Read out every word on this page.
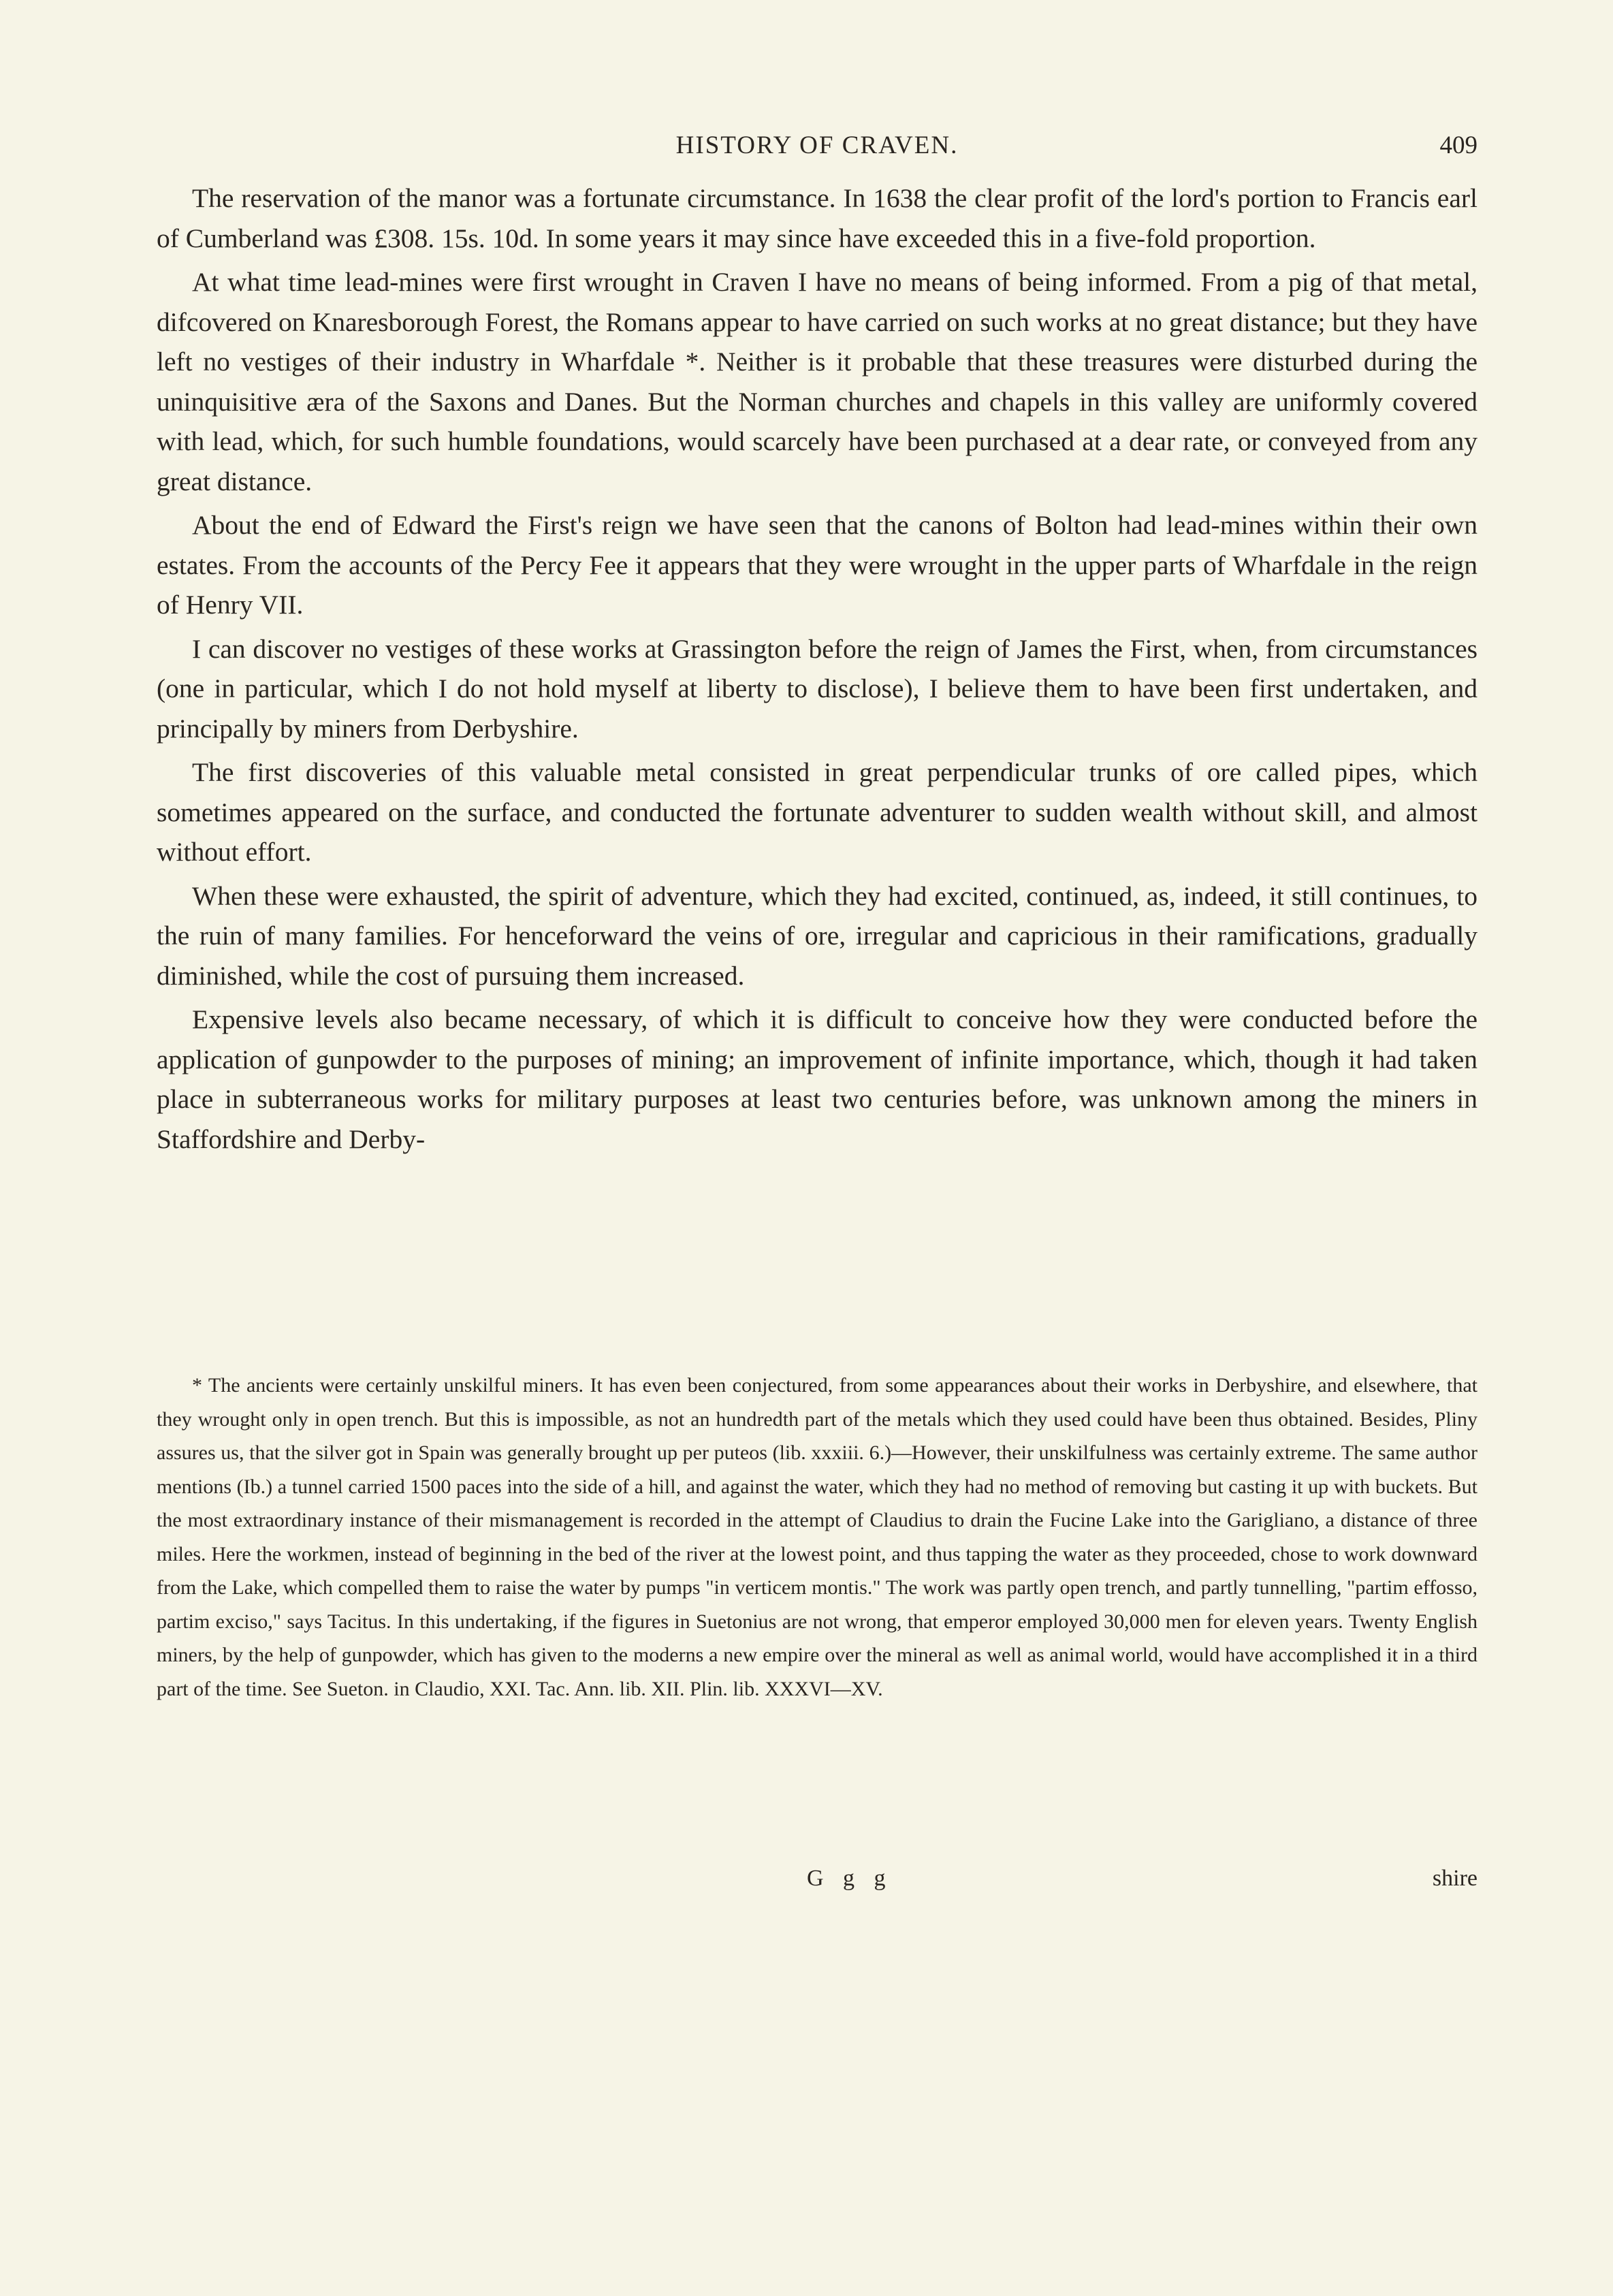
HISTORY OF CRAVEN.	409

The reservation of the manor was a fortunate circumstance. In 1638 the clear profit of the lord's portion to Francis earl of Cumberland was £308. 15s. 10d. In some years it may since have exceeded this in a five-fold proportion.

At what time lead-mines were first wrought in Craven I have no means of being informed. From a pig of that metal, difcovered on Knaresborough Forest, the Romans appear to have carried on such works at no great distance; but they have left no vestiges of their industry in Wharfdale *. Neither is it probable that these treasures were disturbed during the uninquisitive æra of the Saxons and Danes. But the Norman churches and chapels in this valley are uniformly covered with lead, which, for such humble foundations, would scarcely have been purchased at a dear rate, or conveyed from any great distance.

About the end of Edward the First's reign we have seen that the canons of Bolton had lead-mines within their own estates. From the accounts of the Percy Fee it appears that they were wrought in the upper parts of Wharfdale in the reign of Henry VII.

I can discover no vestiges of these works at Grassington before the reign of James the First, when, from circumstances (one in particular, which I do not hold myself at liberty to disclose), I believe them to have been first undertaken, and principally by miners from Derbyshire.

The first discoveries of this valuable metal consisted in great perpendicular trunks of ore called pipes, which sometimes appeared on the surface, and conducted the fortunate adventurer to sudden wealth without skill, and almost without effort.

When these were exhausted, the spirit of adventure, which they had excited, continued, as, indeed, it still continues, to the ruin of many families. For henceforward the veins of ore, irregular and capricious in their ramifications, gradually diminished, while the cost of pursuing them increased.

Expensive levels also became necessary, of which it is difficult to conceive how they were conducted before the application of gunpowder to the purposes of mining; an improvement of infinite importance, which, though it had taken place in subterraneous works for military purposes at least two centuries before, was unknown among the miners in Staffordshire and Derby-

* The ancients were certainly unskilful miners. It has even been conjectured, from some appearances about their works in Derbyshire, and elsewhere, that they wrought only in open trench. But this is impossible, as not an hundredth part of the metals which they used could have been thus obtained. Besides, Pliny assures us, that the silver got in Spain was generally brought up per puteos (lib. xxxiii. 6.)—However, their unskilfulness was certainly extreme. The same author mentions (Ib.) a tunnel carried 1500 paces into the side of a hill, and against the water, which they had no method of removing but casting it up with buckets. But the most extraordinary instance of their mismanagement is recorded in the attempt of Claudius to drain the Fucine Lake into the Garigliano, a distance of three miles. Here the workmen, instead of beginning in the bed of the river at the lowest point, and thus tapping the water as they proceeded, chose to work downward from the Lake, which compelled them to raise the water by pumps "in verticem montis." The work was partly open trench, and partly tunnelling, "partim effosso, partim exciso," says Tacitus. In this undertaking, if the figures in Suetonius are not wrong, that emperor employed 30,000 men for eleven years. Twenty English miners, by the help of gunpowder, which has given to the moderns a new empire over the mineral as well as animal world, would have accomplished it in a third part of the time. See Sueton. in Claudio, XXI. Tac. Ann. lib. XII. Plin. lib. XXXVI—XV.

G g g	shire
